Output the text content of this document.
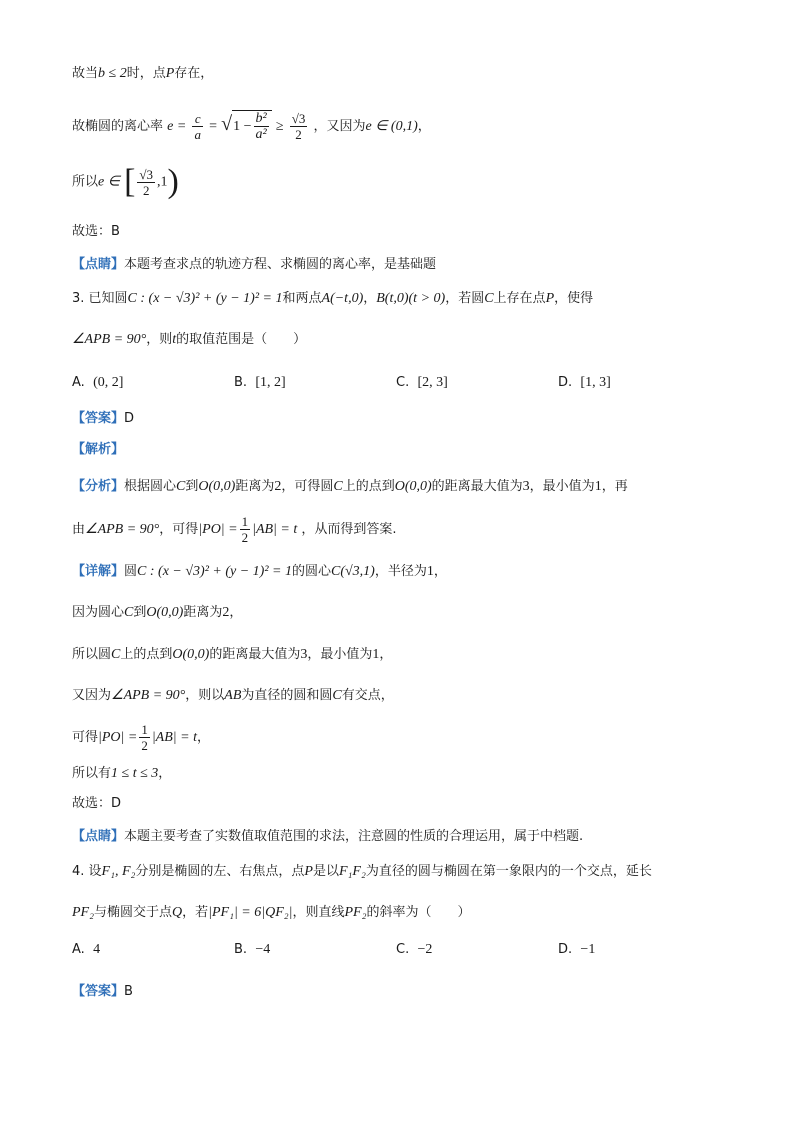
故当b ≤ 2时，点P存在，
故椭圆的离心率 $e = \frac{c}{a} = √1 - \frac{\text{b²}}{\text{a²}} \ge \frac{√3}{2}$ ，又因为e ∈ (0,1)，
所以e ∈ [ $\frac{√3}{2} ,1$)
故选：B
【点睛】本题考查求点的轨迹方程、求椭圆的离心率，是基础题
3. 已知圆C : (x − √3)² + (y − 1)² = 1和两点A(−t,0)，B(t,0)(t > 0)，若圆C上存在点P，使得
∠APB = 90°，则t的取值范围是（　　）
A. (0, 2]	B. [1, 2]	C. [2, 3]	D. [1, 3]
【答案】D
【解析】
【分析】根据圆心C到O(0,0)距离为2，可得圆C上的点到O(0,0)的距离最大值为3，最小值为1，再
由∠APB = 90°，可得$|PO| = \frac{1}{2} |AB| = t$ ，从而得到答案.
【详解】圆C : (x − √3)² + (y − 1)² = 1的圆心C(√3,1)，半径为1，
因为圆心C到O(0,0)距离为2，
所以圆C上的点到O(0,0)的距离最大值为3，最小值为1，
又因为∠APB = 90°，则以AB为直径的圆和圆C有交点，
可得$|PO| = \frac{1}{2} |AB| = t$，
所以有1 ≤ t ≤ 3，
故选：D
【点睛】本题主要考查了实数值取值范围的求法，注意圆的性质的合理运用，属于中档题.
4. 设F₁, F₂分别是椭圆的左、右焦点，点P是以F₁F₂为直径的圆与椭圆在第一象限内的一个交点，延长
PF₂与椭圆交于点Q，若|PF₁| = 6|QF₂|，则直线PF₂的斜率为（　　）
A. 4	B. −4	C. −2	D. −1
【答案】B
